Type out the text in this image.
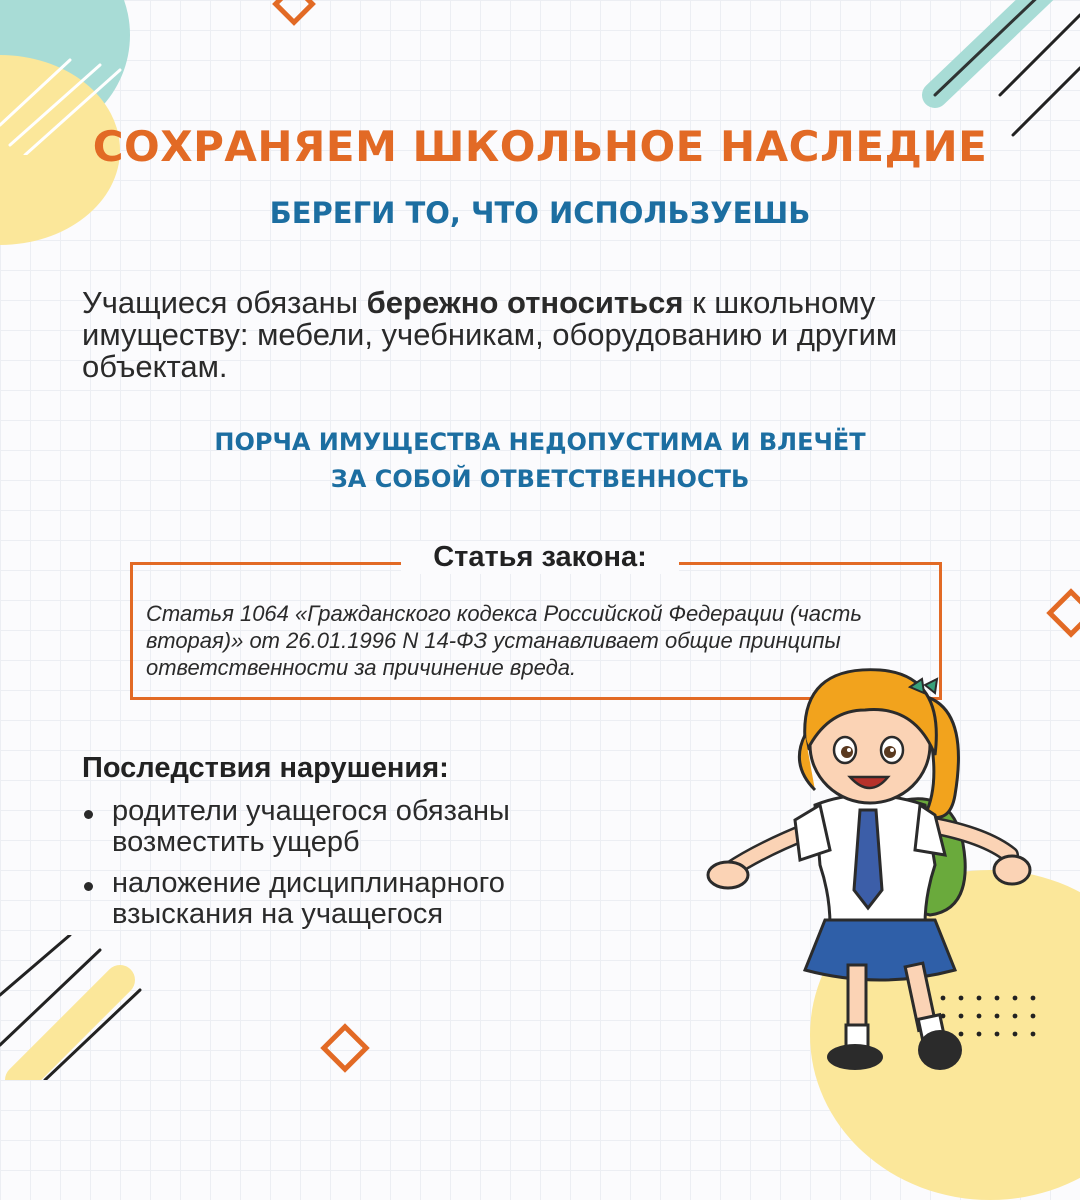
СОХРАНЯЕМ ШКОЛЬНОЕ НАСЛЕДИЕ
БЕРЕГИ ТО, ЧТО ИСПОЛЬЗУЕШЬ
Учащиеся обязаны бережно относиться к школьному имуществу: мебели, учебникам, оборудованию и другим объектам.
ПОРЧА ИМУЩЕСТВА НЕДОПУСТИМА И ВЛЕЧЁТ
ЗА СОБОЙ ОТВЕТСТВЕННОСТЬ
Статья закона:
Статья 1064 «Гражданского кодекса Российской Федерации (часть вторая)» от 26.01.1996 N 14-ФЗ устанавливает общие принципы ответственности за причинение вреда.
Последствия нарушения:
родители учащегося обязаны возместить ущерб
наложение дисциплинарного взыскания на учащегося
